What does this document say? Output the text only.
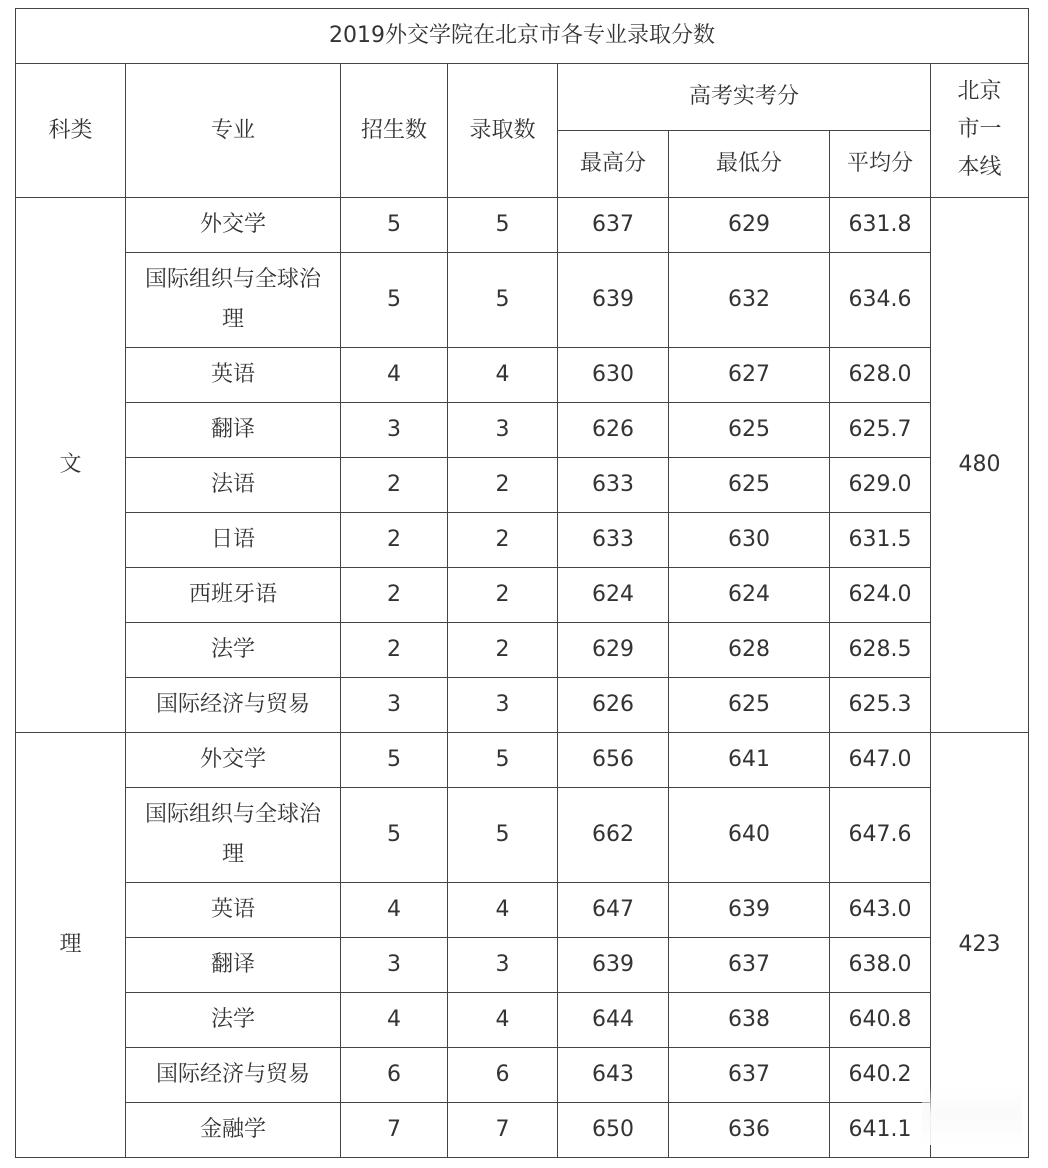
2019外交学院在北京市各专业录取分数							
科类	专业	招生数	录取数	高考实考分			北京市一本线
				最高分	最低分	平均分	
文	外交学	5	5	637	629	631.8	480
	国际组织与全球治理	5	5	639	632	634.6	
	英语	4	4	630	627	628.0	
	翻译	3	3	626	625	625.7	
	法语	2	2	633	625	629.0	
	日语	2	2	633	630	631.5	
	西班牙语	2	2	624	624	624.0	
	法学	2	2	629	628	628.5	
	国际经济与贸易	3	3	626	625	625.3	
理	外交学	5	5	656	641	647.0	423
	国际组织与全球治理	5	5	662	640	647.6	
	英语	4	4	647	639	643.0	
	翻译	3	3	639	637	638.0	
	法学	4	4	644	638	640.8	
	国际经济与贸易	6	6	643	637	640.2	
	金融学	7	7	650	636	641.1	
